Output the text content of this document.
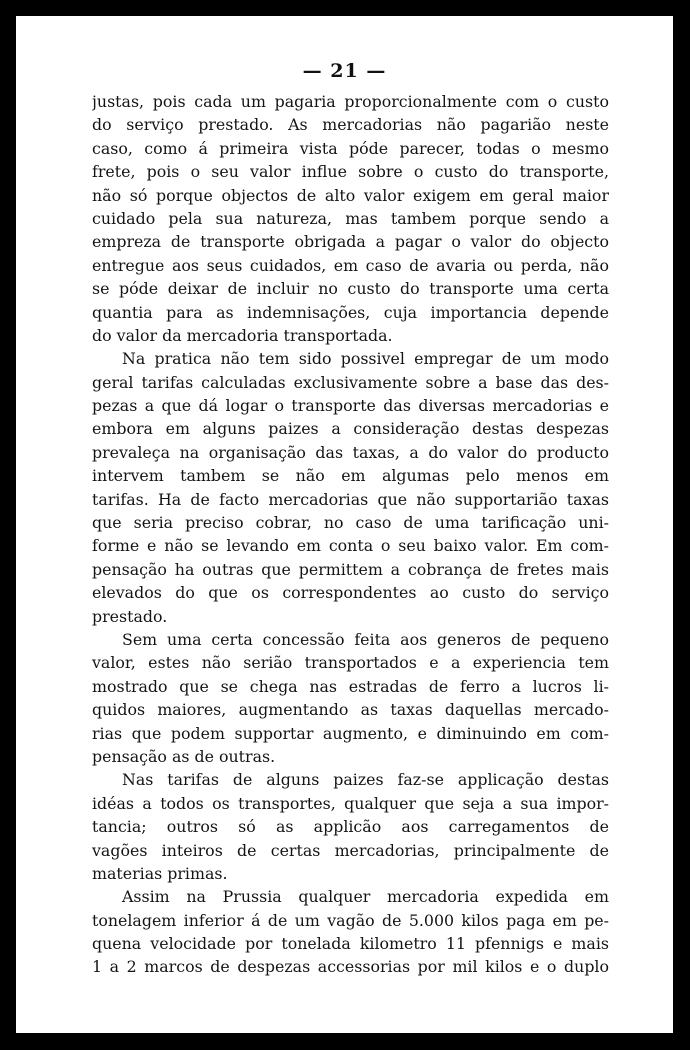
— 21 —
justas, pois cada um pagaria proporcionalmente com o custo
do serviço prestado. As mercadorias não pagarião neste
caso, como á primeira vista póde parecer, todas o mesmo
frete, pois o seu valor influe sobre o custo do transporte,
não só porque objectos de alto valor exigem em geral maior
cuidado pela sua natureza, mas tambem porque sendo a
empreza de transporte obrigada a pagar o valor do objecto
entregue aos seus cuidados, em caso de avaria ou perda, não
se póde deixar de incluir no custo do transporte uma certa
quantia para as indemnisações, cuja importancia depende
do valor da mercadoria transportada.
Na pratica não tem sido possivel empregar de um modo
geral tarifas calculadas exclusivamente sobre a base das des-
pezas a que dá logar o transporte das diversas mercadorias e
embora em alguns paizes a consideração destas despezas
prevaleça na organisação das taxas, a do valor do producto
intervem tambem se não em algumas pelo menos em
tarifas. Ha de facto mercadorias que não supportarião taxas
que seria preciso cobrar, no caso de uma tarificação uni-
forme e não se levando em conta o seu baixo valor. Em com-
pensação ha outras que permittem a cobrança de fretes mais
elevados do que os correspondentes ao custo do serviço
prestado.
Sem uma certa concessão feita aos generos de pequeno
valor, estes não serião transportados e a experiencia tem
mostrado que se chega nas estradas de ferro a lucros li-
quidos maiores, augmentando as taxas daquellas mercado-
rias que podem supportar augmento, e diminuindo em com-
pensação as de outras.
Nas tarifas de alguns paizes faz-se applicação destas
idéas a todos os transportes, qualquer que seja a sua impor-
tancia; outros só as applicão aos carregamentos de
vagões inteiros de certas mercadorias, principalmente de
materias primas.
Assim na Prussia qualquer mercadoria expedida em
tonelagem inferior á de um vagão de 5.000 kilos paga em pe-
quena velocidade por tonelada kilometro 11 pfennigs e mais
1 a 2 marcos de despezas accessorias por mil kilos e o duplo
